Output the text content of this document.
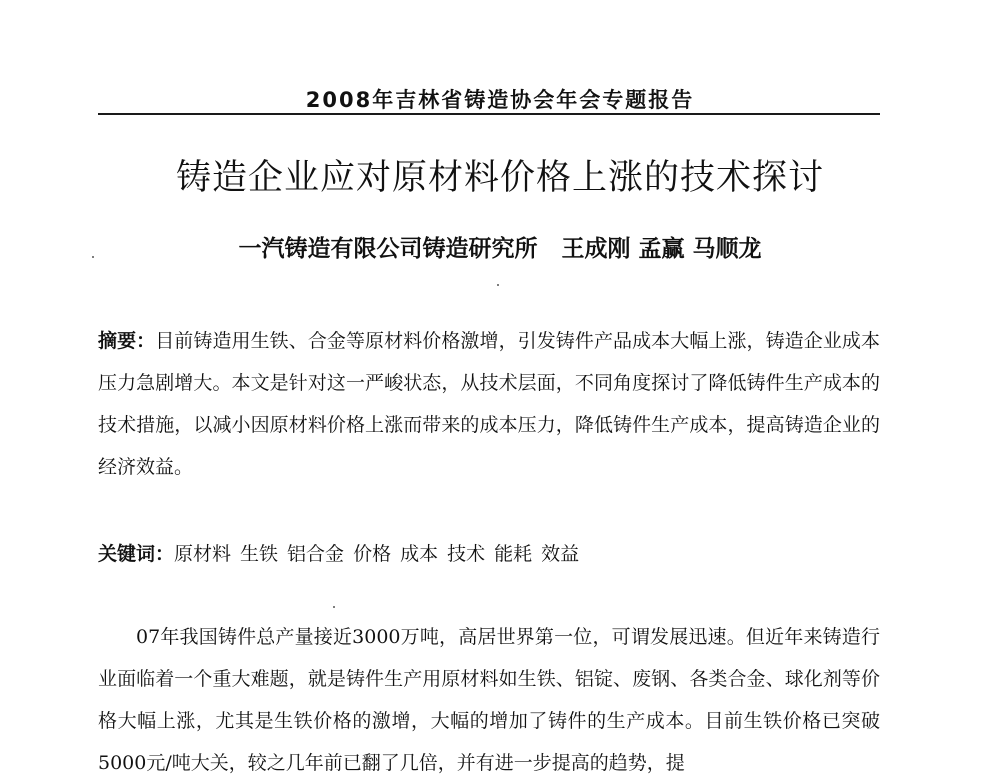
2008年吉林省铸造协会年会专题报告
铸造企业应对原材料价格上涨的技术探讨
一汽铸造有限公司铸造研究所   王成刚 孟赢 马顺龙
摘要：目前铸造用生铁、合金等原材料价格激增，引发铸件产品成本大幅上涨，铸造企业成本压力急剧增大。本文是针对这一严峻状态，从技术层面，不同角度探讨了降低铸件生产成本的技术措施，以减小因原材料价格上涨而带来的成本压力，降低铸件生产成本，提高铸造企业的经济效益。
关键词：原材料 生铁 铝合金 价格 成本 技术 能耗 效益
07年我国铸件总产量接近3000万吨，高居世界第一位，可谓发展迅速。但近年来铸造行业面临着一个重大难题，就是铸件生产用原材料如生铁、铝锭、废钢、各类合金、球化剂等价格大幅上涨，尤其是生铁价格的激增，大幅的增加了铸件的生产成本。目前生铁价格已突破5000元/吨大关，较之几年前已翻了几倍，并有进一步提高的趋势，提
